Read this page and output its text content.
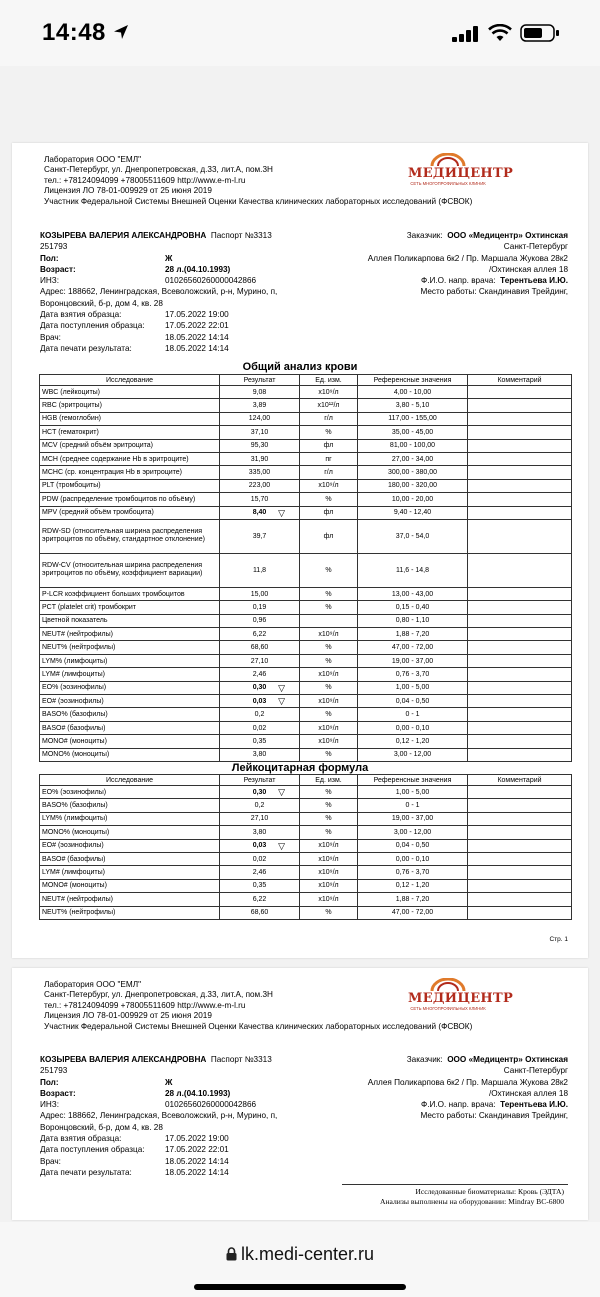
14:48
Лаборатория ООО "ЕМЛ"
Санкт-Петербург, ул. Днепропетровская, д.33, лит.А, пом.3Н
тел.: +78124094099 +78005511609 http://www.e-m-l.ru
Лицензия ЛО 78-01-009929 от 25 июня 2019
Участник Федеральной Системы Внешней Оценки Качества клинических лабораторных исследований (ФСВОК)
МЕДИЦЕНТР
СЕТЬ МНОГОПРОФИЛЬНЫХ КЛИНИК
КОЗЫРЕВА ВАЛЕРИЯ АЛЕКСАНДРОВНА Паспорт №3313
251793
Пол:	Ж
Возраст:	28 л.(04.10.1993)
ИНЗ:	01026560260000042866
Адрес: 188662, Ленинградская, Всеволожский, р-н, Мурино, п,
Воронцовский, б-р, дом 4, кв. 28
Дата взятия образца:	17.05.2022 19:00
Дата поступления образца:	17.05.2022 22:01
Врач:	18.05.2022 14:14
Дата печати результата:	18.05.2022 14:14
Заказчик: ООО «Медицентр» Охтинская
Санкт-Петербург
Аллея Поликарпова 6к2 / Пр. Маршала Жукова 28к2
/Охтинская аллея 18
Ф.И.О. напр. врача: Терентьева И.Ю.
Место работы: Скандинавия Трейдинг,
Общий анализ крови
Исследование	Результат	Ед. изм.	Референсные значения	Комментарий
WBC (лейкоциты)	9,08	x10⁹/л	4,00 - 10,00	
RBC (эритроциты)	3,89	x10¹²/л	3,80 - 5,10	
HGB (гемоглобин)	124,00	г/л	117,00 - 155,00	
HCT (гематокрит)	37,10	%	35,00 - 45,00	
MCV (средний объём эритроцита)	95,30	фл	81,00 - 100,00	
MCH (среднее содержание Hb в эритроците)	31,90	пг	27,00 - 34,00	
MCHC (ср. концентрация Hb в эритроците)	335,00	г/л	300,00 - 380,00	
PLT (тромбоциты)	223,00	x10⁹/л	180,00 - 320,00	
PDW (распределение тромбоцитов по объёму)	15,70	%	10,00 - 20,00	
MPV (средний объём тромбоцита)	8,40 ▽	фл	9,40 - 12,40	
RDW-SD (относительная ширина распределения эритроцитов по объёму, стандартное отклонение)	39,7	фл	37,0 - 54,0	
RDW-CV (относительная ширина распределения эритроцитов по объёму, коэффициент вариации)	11,8	%	11,6 - 14,8	
P-LCR коэффициент больших тромбоцитов	15,00	%	13,00 - 43,00	
PCT (platelet crit) тромбокрит	0,19	%	0,15 - 0,40	
Цветной показатель	0,96		0,80 - 1,10	
NEUT# (нейтрофилы)	6,22	x10⁹/л	1,88 - 7,20	
NEUT% (нейтрофилы)	68,60	%	47,00 - 72,00	
LYM% (лимфоциты)	27,10	%	19,00 - 37,00	
LYM# (лимфоциты)	2,46	x10⁹/л	0,76 - 3,70	
EO% (эозинофилы)	0,30 ▽	%	1,00 - 5,00	
EO# (эозинофилы)	0,03 ▽	x10⁹/л	0,04 - 0,50	
BASO% (базофилы)	0,2	%	0 - 1	
BASO# (базофилы)	0,02	x10⁹/л	0,00 - 0,10	
MONO# (моноциты)	0,35	x10⁹/л	0,12 - 1,20	
MONO% (моноциты)	3,80	%	3,00 - 12,00	
Лейкоцитарная формула
Исследование	Результат	Ед. изм.	Референсные значения	Комментарий
EO% (эозинофилы)	0,30 ▽	%	1,00 - 5,00	
BASO% (базофилы)	0,2	%	0 - 1	
LYM% (лимфоциты)	27,10	%	19,00 - 37,00	
MONO% (моноциты)	3,80	%	3,00 - 12,00	
EO# (эозинофилы)	0,03 ▽	x10⁹/л	0,04 - 0,50	
BASO# (базофилы)	0,02	x10⁹/л	0,00 - 0,10	
LYM# (лимфоциты)	2,46	x10⁹/л	0,76 - 3,70	
MONO# (моноциты)	0,35	x10⁹/л	0,12 - 1,20	
NEUT# (нейтрофилы)	6,22	x10⁹/л	1,88 - 7,20	
NEUT% (нейтрофилы)	68,60	%	47,00 - 72,00	
Стр. 1
Лаборатория ООО "ЕМЛ"
Санкт-Петербург, ул. Днепропетровская, д.33, лит.А, пом.3Н
тел.: +78124094099 +78005511609 http://www.e-m-l.ru
Лицензия ЛО 78-01-009929 от 25 июня 2019
Участник Федеральной Системы Внешней Оценки Качества клинических лабораторных исследований (ФСВОК)
МЕДИЦЕНТР
СЕТЬ МНОГОПРОФИЛЬНЫХ КЛИНИК
КОЗЫРЕВА ВАЛЕРИЯ АЛЕКСАНДРОВНА Паспорт №3313
251793
Пол:	Ж
Возраст:	28 л.(04.10.1993)
ИНЗ:	01026560260000042866
Адрес: 188662, Ленинградская, Всеволожский, р-н, Мурино, п,
Воронцовский, б-р, дом 4, кв. 28
Дата взятия образца:	17.05.2022 19:00
Дата поступления образца:	17.05.2022 22:01
Врач:	18.05.2022 14:14
Дата печати результата:	18.05.2022 14:14
Заказчик: ООО «Медицентр» Охтинская
Санкт-Петербург
Аллея Поликарпова 6к2 / Пр. Маршала Жукова 28к2
/Охтинская аллея 18
Ф.И.О. напр. врача: Терентьева И.Ю.
Место работы: Скандинавия Трейдинг,
Исследованные биоматериалы: Кровь (ЭДТА)
Анализы выполнены на оборудовании: Mindray BC-6800
lk.medi-center.ru
